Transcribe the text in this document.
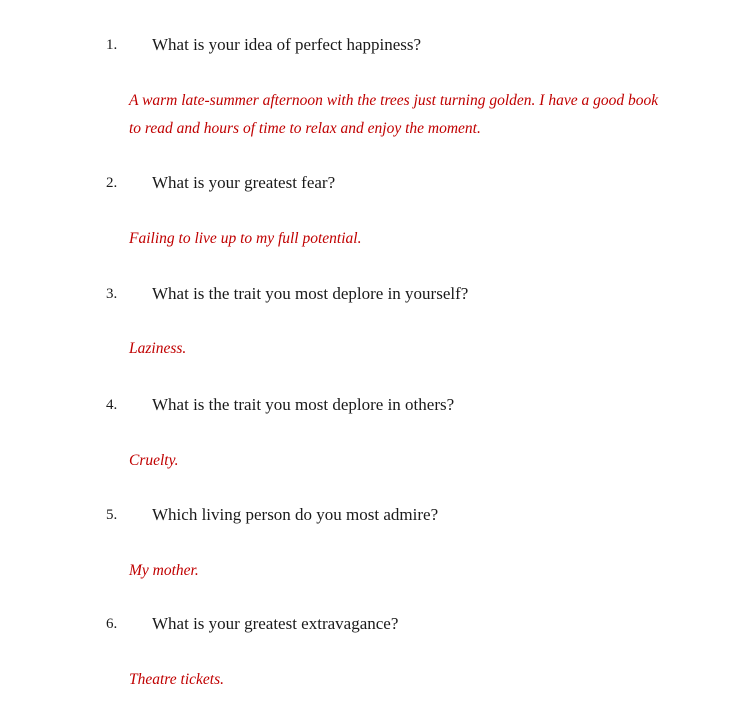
1. What is your idea of perfect happiness?
A warm late-summer afternoon with the trees just turning golden. I have a good book to read and hours of time to relax and enjoy the moment.
2. What is your greatest fear?
Failing to live up to my full potential.
3. What is the trait you most deplore in yourself?
Laziness.
4. What is the trait you most deplore in others?
Cruelty.
5. Which living person do you most admire?
My mother.
6. What is your greatest extravagance?
Theatre tickets.
